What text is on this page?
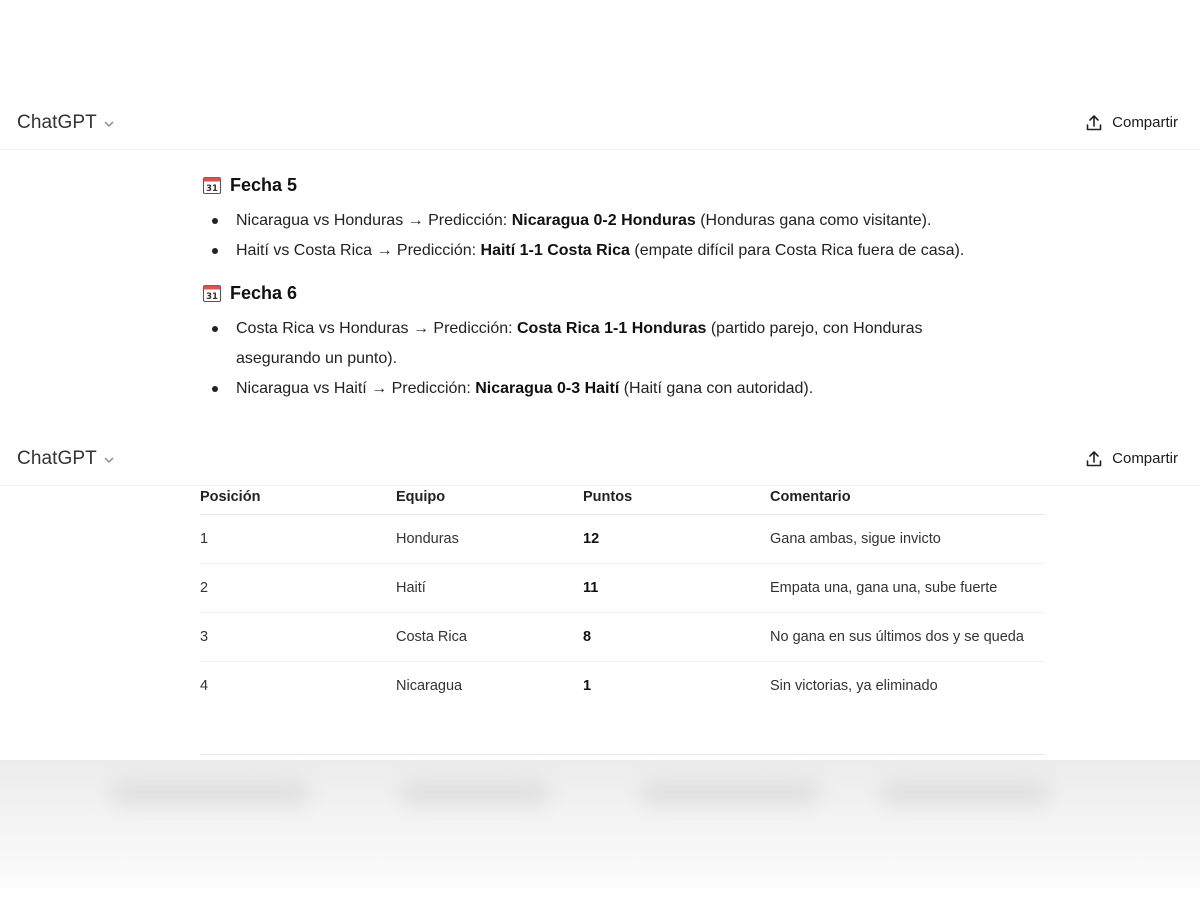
ChatGPT	Compartir
31 Fecha 5
Nicaragua vs Honduras → Predicción: Nicaragua 0-2 Honduras (Honduras gana como visitante).
Haití vs Costa Rica → Predicción: Haití 1-1 Costa Rica (empate difícil para Costa Rica fuera de casa).
31 Fecha 6
Costa Rica vs Honduras → Predicción: Costa Rica 1-1 Honduras (partido parejo, con Honduras asegurando un punto).
Nicaragua vs Haití → Predicción: Nicaragua 0-3 Haití (Haití gana con autoridad).
ChatGPT	Compartir
Posición	Equipo	Puntos	Comentario
1	Honduras	12	Gana ambas, sigue invicto
2	Haití	11	Empata una, gana una, sube fuerte
3	Costa Rica	8	No gana en sus últimos dos y se queda
4	Nicaragua	1	Sin victorias, ya eliminado
